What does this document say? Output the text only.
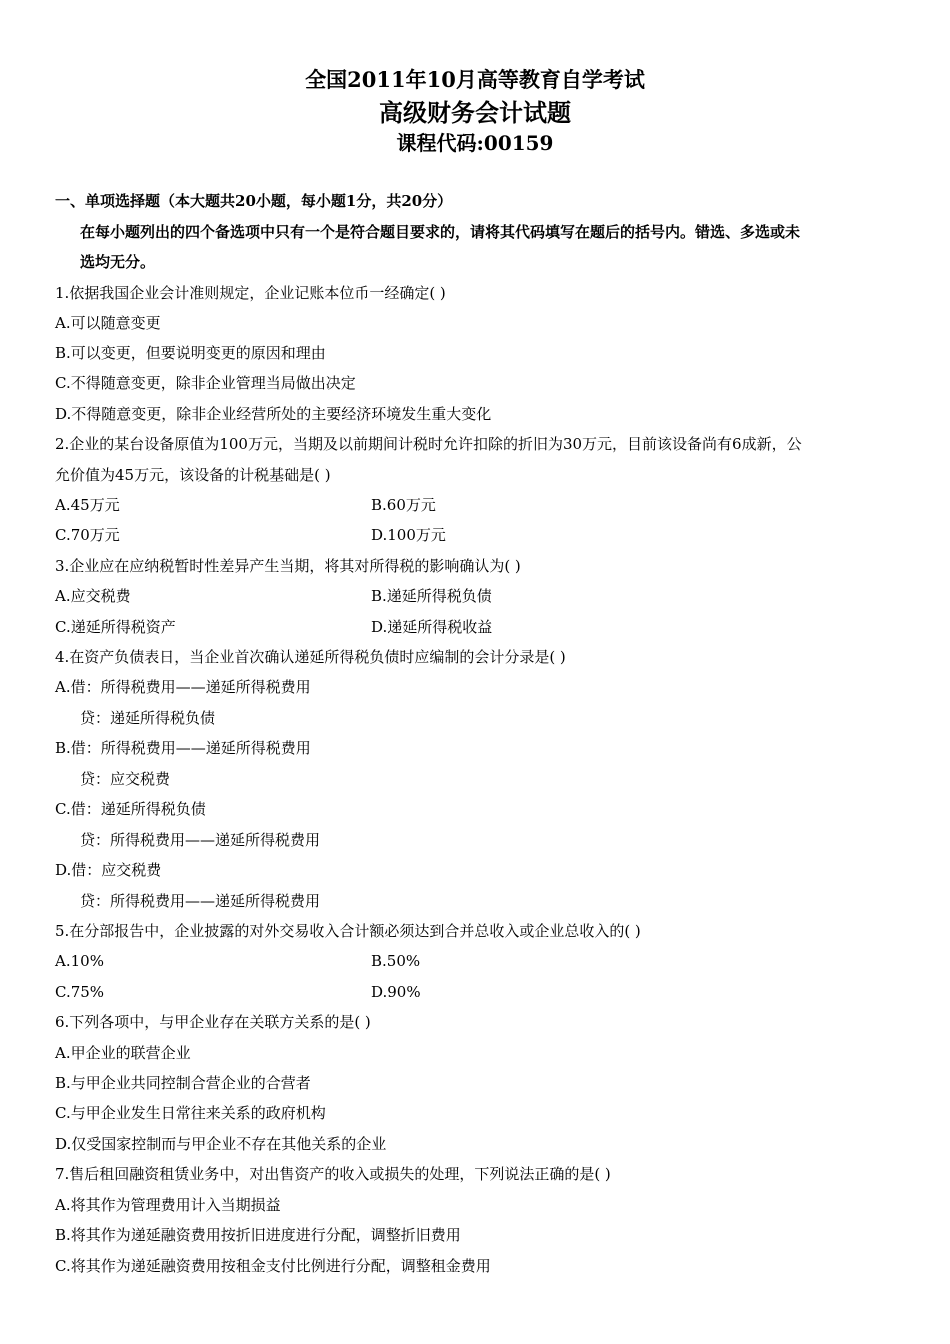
全国2011年10月高等教育自学考试
高级财务会计试题
课程代码:00159
一、单项选择题（本大题共20小题，每小题1分，共20分）
在每小题列出的四个备选项中只有一个是符合题目要求的，请将其代码填写在题后的括号内。错选、多选或未
选均无分。
1.依据我国企业会计准则规定，企业记账本位币一经确定( )
A.可以随意变更
B.可以变更，但要说明变更的原因和理由
C.不得随意变更，除非企业管理当局做出决定
D.不得随意变更，除非企业经营所处的主要经济环境发生重大变化
2.企业的某台设备原值为100万元，当期及以前期间计税时允许扣除的折旧为30万元，目前该设备尚有6成新，公
允价值为45万元，该设备的计税基础是( )
A.45万元	B.60万元
C.70万元	D.100万元
3.企业应在应纳税暂时性差异产生当期，将其对所得税的影响确认为( )
A.应交税费	B.递延所得税负债
C.递延所得税资产	D.递延所得税收益
4.在资产负债表日，当企业首次确认递延所得税负债时应编制的会计分录是( )
A.借：所得税费用——递延所得税费用
贷：递延所得税负债
B.借：所得税费用——递延所得税费用
贷：应交税费
C.借：递延所得税负债
贷：所得税费用——递延所得税费用
D.借：应交税费
贷：所得税费用——递延所得税费用
5.在分部报告中，企业披露的对外交易收入合计额必须达到合并总收入或企业总收入的( )
A.10%	B.50%
C.75%	D.90%
6.下列各项中，与甲企业存在关联方关系的是( )
A.甲企业的联营企业
B.与甲企业共同控制合营企业的合营者
C.与甲企业发生日常往来关系的政府机构
D.仅受国家控制而与甲企业不存在其他关系的企业
7.售后租回融资租赁业务中，对出售资产的收入或损失的处理，下列说法正确的是( )
A.将其作为管理费用计入当期损益
B.将其作为递延融资费用按折旧进度进行分配，调整折旧费用
C.将其作为递延融资费用按租金支付比例进行分配，调整租金费用
